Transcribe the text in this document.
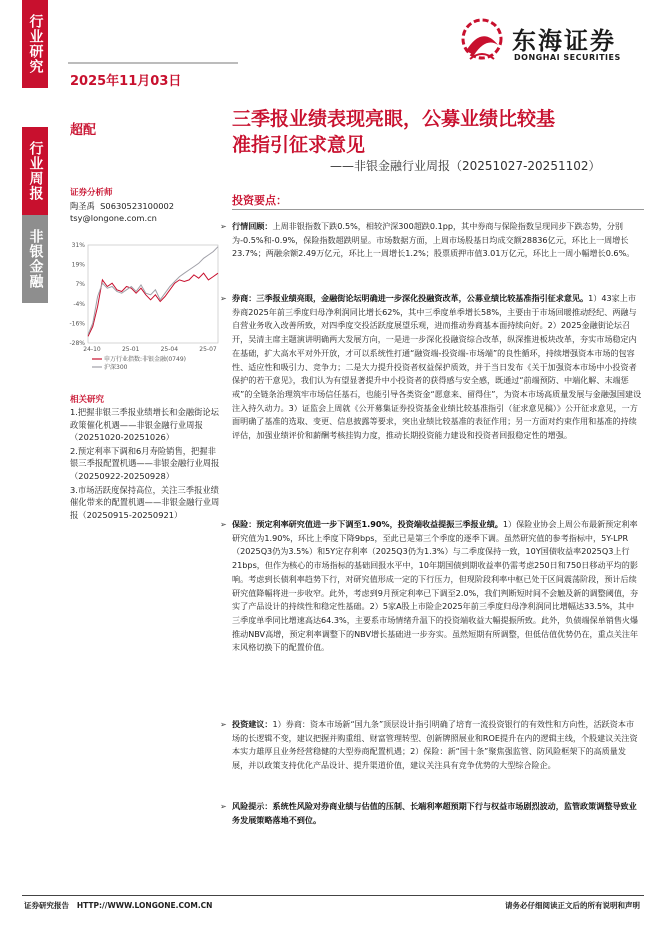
行业研究
行业周报
非银金融
2025年11月03日
东海证券
DONGHAI SECURITIES
超配
三季报业绩表现亮眼，公募业绩比较基
准指引征求意见
——非银金融行业周报（20251027-20251102）
证券分析师
陶圣禹  S0630523100002
tsy@longone.com.cn
31%
19%
7%
-4%
-16%
-28%
24-10	25-01	25-04	25-07
申万行业指数:非银金融(0749)
沪深300
相关研究
1.把握非银三季报业绩增长和金融街论坛政策催化机遇——非银金融行业周报（20251020-20251026）
2.预定利率下调和6月寿险销售，把握非银三季报配置机遇——非银金融行业周报（20250922-20250928）
3.市场活跃度保持高位，关注三季报业绩催化带来的配置机遇——非银金融行业周报（20250915-20250921）
投资要点：
➢ 行情回顾：上周非银指数下跌0.5%，相较沪深300超跌0.1pp，其中券商与保险指数呈现同步下跌态势，分别为-0.5%和-0.9%，保险指数超跌明显。市场数据方面，上周市场股基日均成交额28836亿元，环比上一周增长23.7%；两融余额2.49万亿元，环比上一周增长1.2%；股票质押市值3.01万亿元，环比上一周小幅增长0.6%。
➢ 券商：三季报业绩亮眼，金融街论坛明确进一步深化投融资改革，公募业绩比较基准指引征求意见。1）43家上市券商2025年前三季度归母净利润同比增长62%，其中三季度单季增长58%，主要由于市场回暖推动经纪、两融与自营业务收入改善所致，对四季度交投活跃度展望乐观，进而推动券商基本面持续向好。2）2025金融街论坛召开，吴清主席主题演讲明确两大发展方向，一是进一步深化投融资综合改革，纵深推进板块改革，夯实市场稳定内在基础，扩大高水平对外开放，才可以系统性打通“融资端-投资端-市场端”的良性循环，持续增强资本市场的包容性、适应性和吸引力、竞争力；二是大力提升投资者权益保护质效，并于当日发布《关于加强资本市场中小投资者保护的若干意见》，我们认为有望显著提升中小投资者的获得感与安全感，既通过“前端预防、中端化解、末端惩戒”的全链条治理筑牢市场信任基石，也能引导各类资金“愿意来、留得住”，为资本市场高质量发展与金融强国建设注入持久动力。3）证监会上周就《公开募集证券投资基金业绩比较基准指引（征求意见稿）》公开征求意见，一方面明确了基准的选取、变更、信息披露等要求，突出业绩比较基准的表征作用；另一方面对约束作用和基准的持续评估，加强业绩评价和薪酬考核挂钩力度，推动长期投资能力建设和投资者回报稳定性的增强。
➢ 保险：预定利率研究值进一步下调至1.90%，投资端收益提振三季报业绩。1）保险业协会上周公布最新预定利率研究值为1.90%，环比上季度下降9bps，至此已是第三个季度的逐季下调。虽然研究值的参考指标中，5Y-LPR（2025Q3仍为3.5%）和5Y定存利率（2025Q3仍为1.3%）与二季度保持一致，10Y国债收益率2025Q3上行21bps，但作为核心的市场指标的基础回报水平中，10年期国债到期收益率仍需考虑250日和750日移动平均的影响。考虑到长债利率趋势下行，对研究值形成一定的下行压力，但现阶段利率中枢已处于区间震荡阶段，预计后续研究值降幅将进一步收窄。此外，考虑到9月预定利率已下调至2.0%，我们判断短时间不会触及新的调整阈值，夯实了产品设计的持续性和稳定性基础。2）5家A股上市险企2025年前三季度归母净利润同比增幅达33.5%，其中三季度单季同比增速高达64.3%，主要系市场情绪升温下的投资端收益大幅提振所致。此外，负债端保单销售火爆推动NBV高增，预定利率调整下的NBV增长基础进一步夯实。虽然短期有所调整，但低估值优势仍在，重点关注年末风格切换下的配置价值。
➢ 投资建议：1）券商：资本市场新“国九条”顶层设计指引明确了培育一流投资银行的有效性和方向性，活跃资本市场的长逻辑不变，建议把握并购重组、财富管理转型、创新牌照展业和ROE提升在内的逻辑主线，个股建议关注资本实力雄厚且业务经营稳健的大型券商配置机遇；2）保险：新“国十条”聚焦强监管、防风险框架下的高质量发展，并以政策支持优化产品设计、提升渠道价值，建议关注具有竞争优势的大型综合险企。
➢ 风险提示：系统性风险对券商业绩与估值的压制、长端利率超预期下行与权益市场剧烈波动，监管政策调整导致业务发展策略落地不到位。
证券研究报告   HTTP://WWW.LONGONE.COM.CN	请务必仔细阅读正文后的所有说明和声明
